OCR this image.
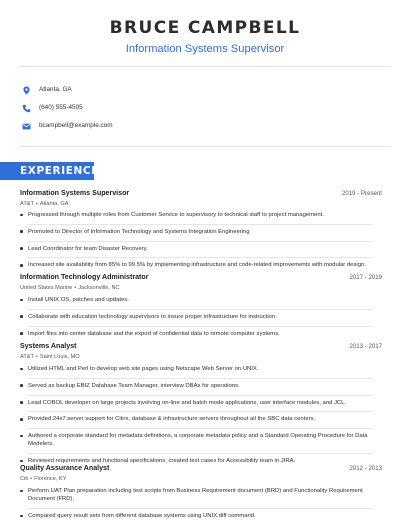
BRUCE CAMPBELL
Information Systems Supervisor
Atlanta, GA
(640) 555-4505
bcampbell@example.com
EXPERIENCE
Information Systems Supervisor	2019 - Present
AT&T • Atlanta, GA
Progressed through multiple roles from Customer Service to supervisory to technical staff to project management.
Promoted to Director of Information Technology and Systems Integration Engineering
Lead Coordinator for team Disaster Recovery.
Increased site availability from 85% to 99.5% by implementing infrastructure and code-related improvements with modular design.
Information Technology Administrator	2017 - 2019
United States Marine • Jacksonville, NC
Install UNIX OS, patches and updates.
Collaborate with education technology supervisors to insure proper infrastructure for instruction.
Import files into center database and the export of confidential data to remote computer systems.
Systems Analyst	2013 - 2017
AT&T • Saint Louis, MO
Utilized HTML and Perl to develop web site pages using Netscape Web Server on UNIX.
Served as backup EBIZ Database Team Manager, interview DBAs for operations.
Lead COBOL developer on large projects involving on-line and batch mode applications, user interface modules, and JCL.
Provided 24x7 server support for Citrix, database & infrastructure servers throughout all the SBC data centers.
Authored a corporate standard for metadata definitions, a corporate metadata policy and a Standard Operating Procedure for Data Modelers.
Reviewed requirements and functional specifications; created test cases for Accessibility team in JIRA.
Quality Assurance Analyst	2012 - 2013
Citi • Florence, KY
Perform UAT Plan preparation including test scripts from Business Requirement document (BRD) and Functionality Requirement Document (FRD).
Compared query result sets from different database systems using UNIX diff command.
